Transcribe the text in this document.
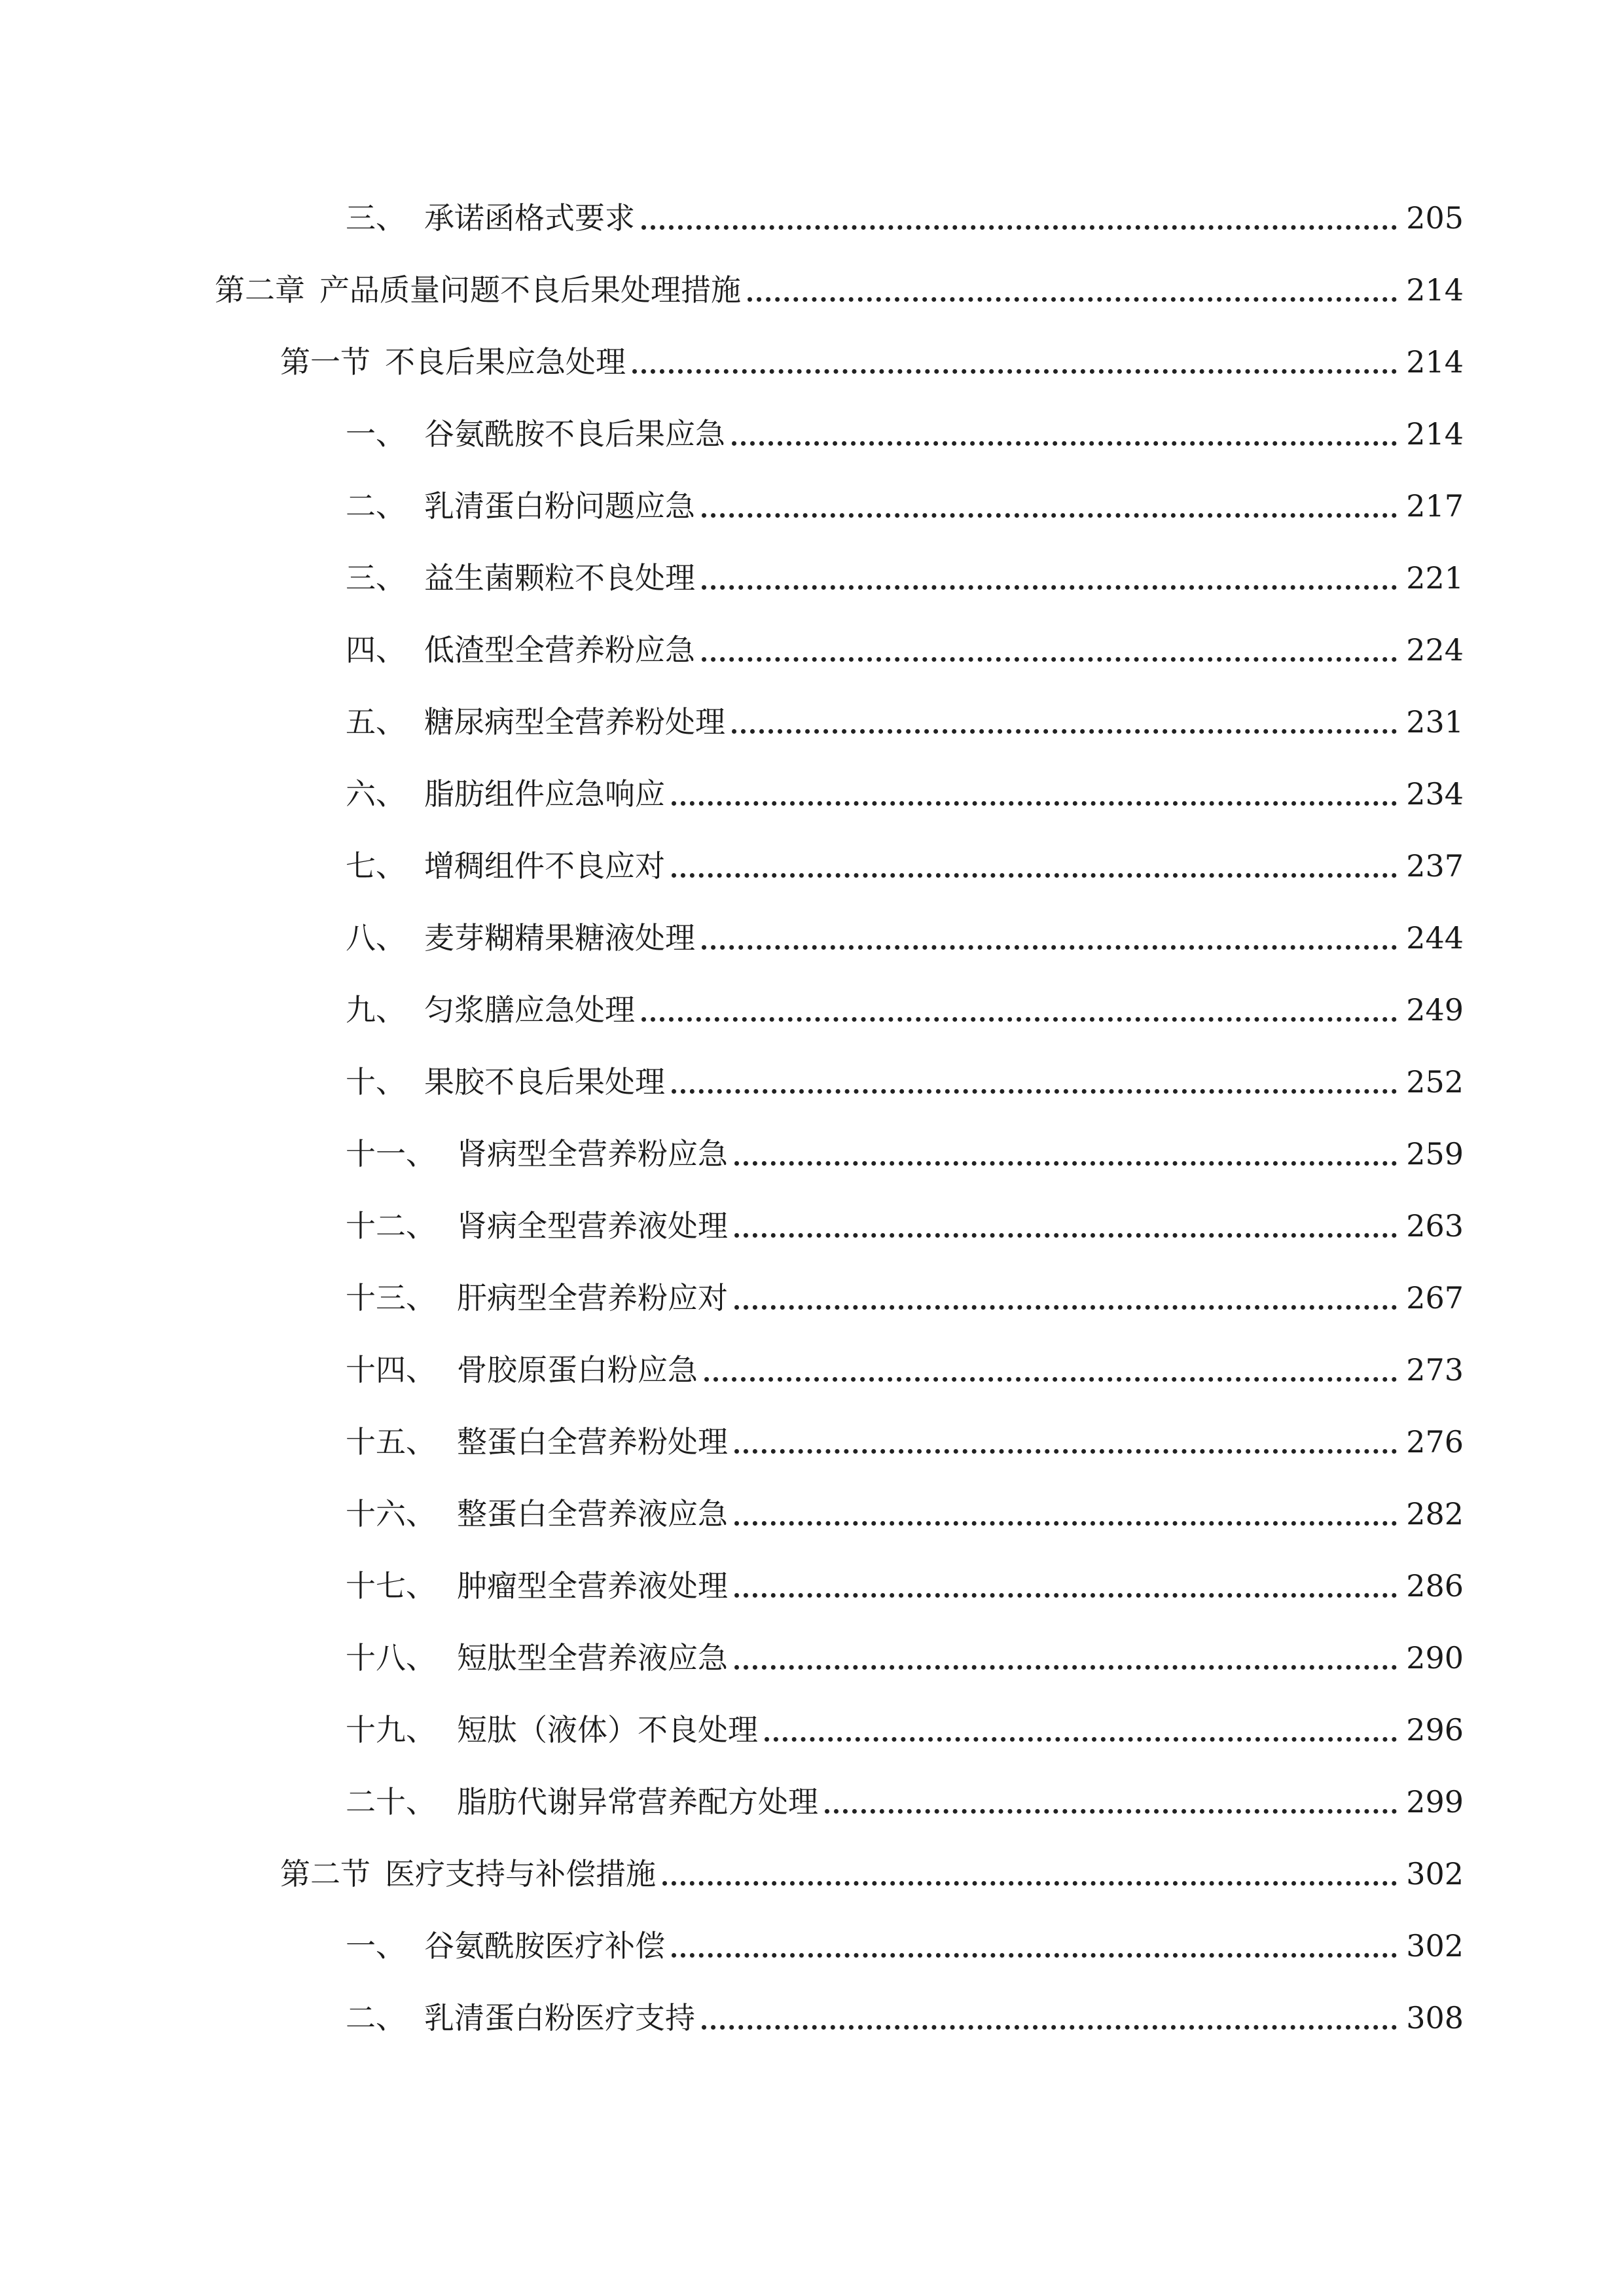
三、 承诺函格式要求	205
第二章 产品质量问题不良后果处理措施	214
第一节 不良后果应急处理	214
一、 谷氨酰胺不良后果应急	214
二、 乳清蛋白粉问题应急	217
三、 益生菌颗粒不良处理	221
四、 低渣型全营养粉应急	224
五、 糖尿病型全营养粉处理	231
六、 脂肪组件应急响应	234
七、 增稠组件不良应对	237
八、 麦芽糊精果糖液处理	244
九、 匀浆膳应急处理	249
十、 果胶不良后果处理	252
十一、 肾病型全营养粉应急	259
十二、 肾病全型营养液处理	263
十三、 肝病型全营养粉应对	267
十四、 骨胶原蛋白粉应急	273
十五、 整蛋白全营养粉处理	276
十六、 整蛋白全营养液应急	282
十七、 肿瘤型全营养液处理	286
十八、 短肽型全营养液应急	290
十九、 短肽（液体）不良处理	296
二十、 脂肪代谢异常营养配方处理	299
第二节 医疗支持与补偿措施	302
一、 谷氨酰胺医疗补偿	302
二、 乳清蛋白粉医疗支持	308
